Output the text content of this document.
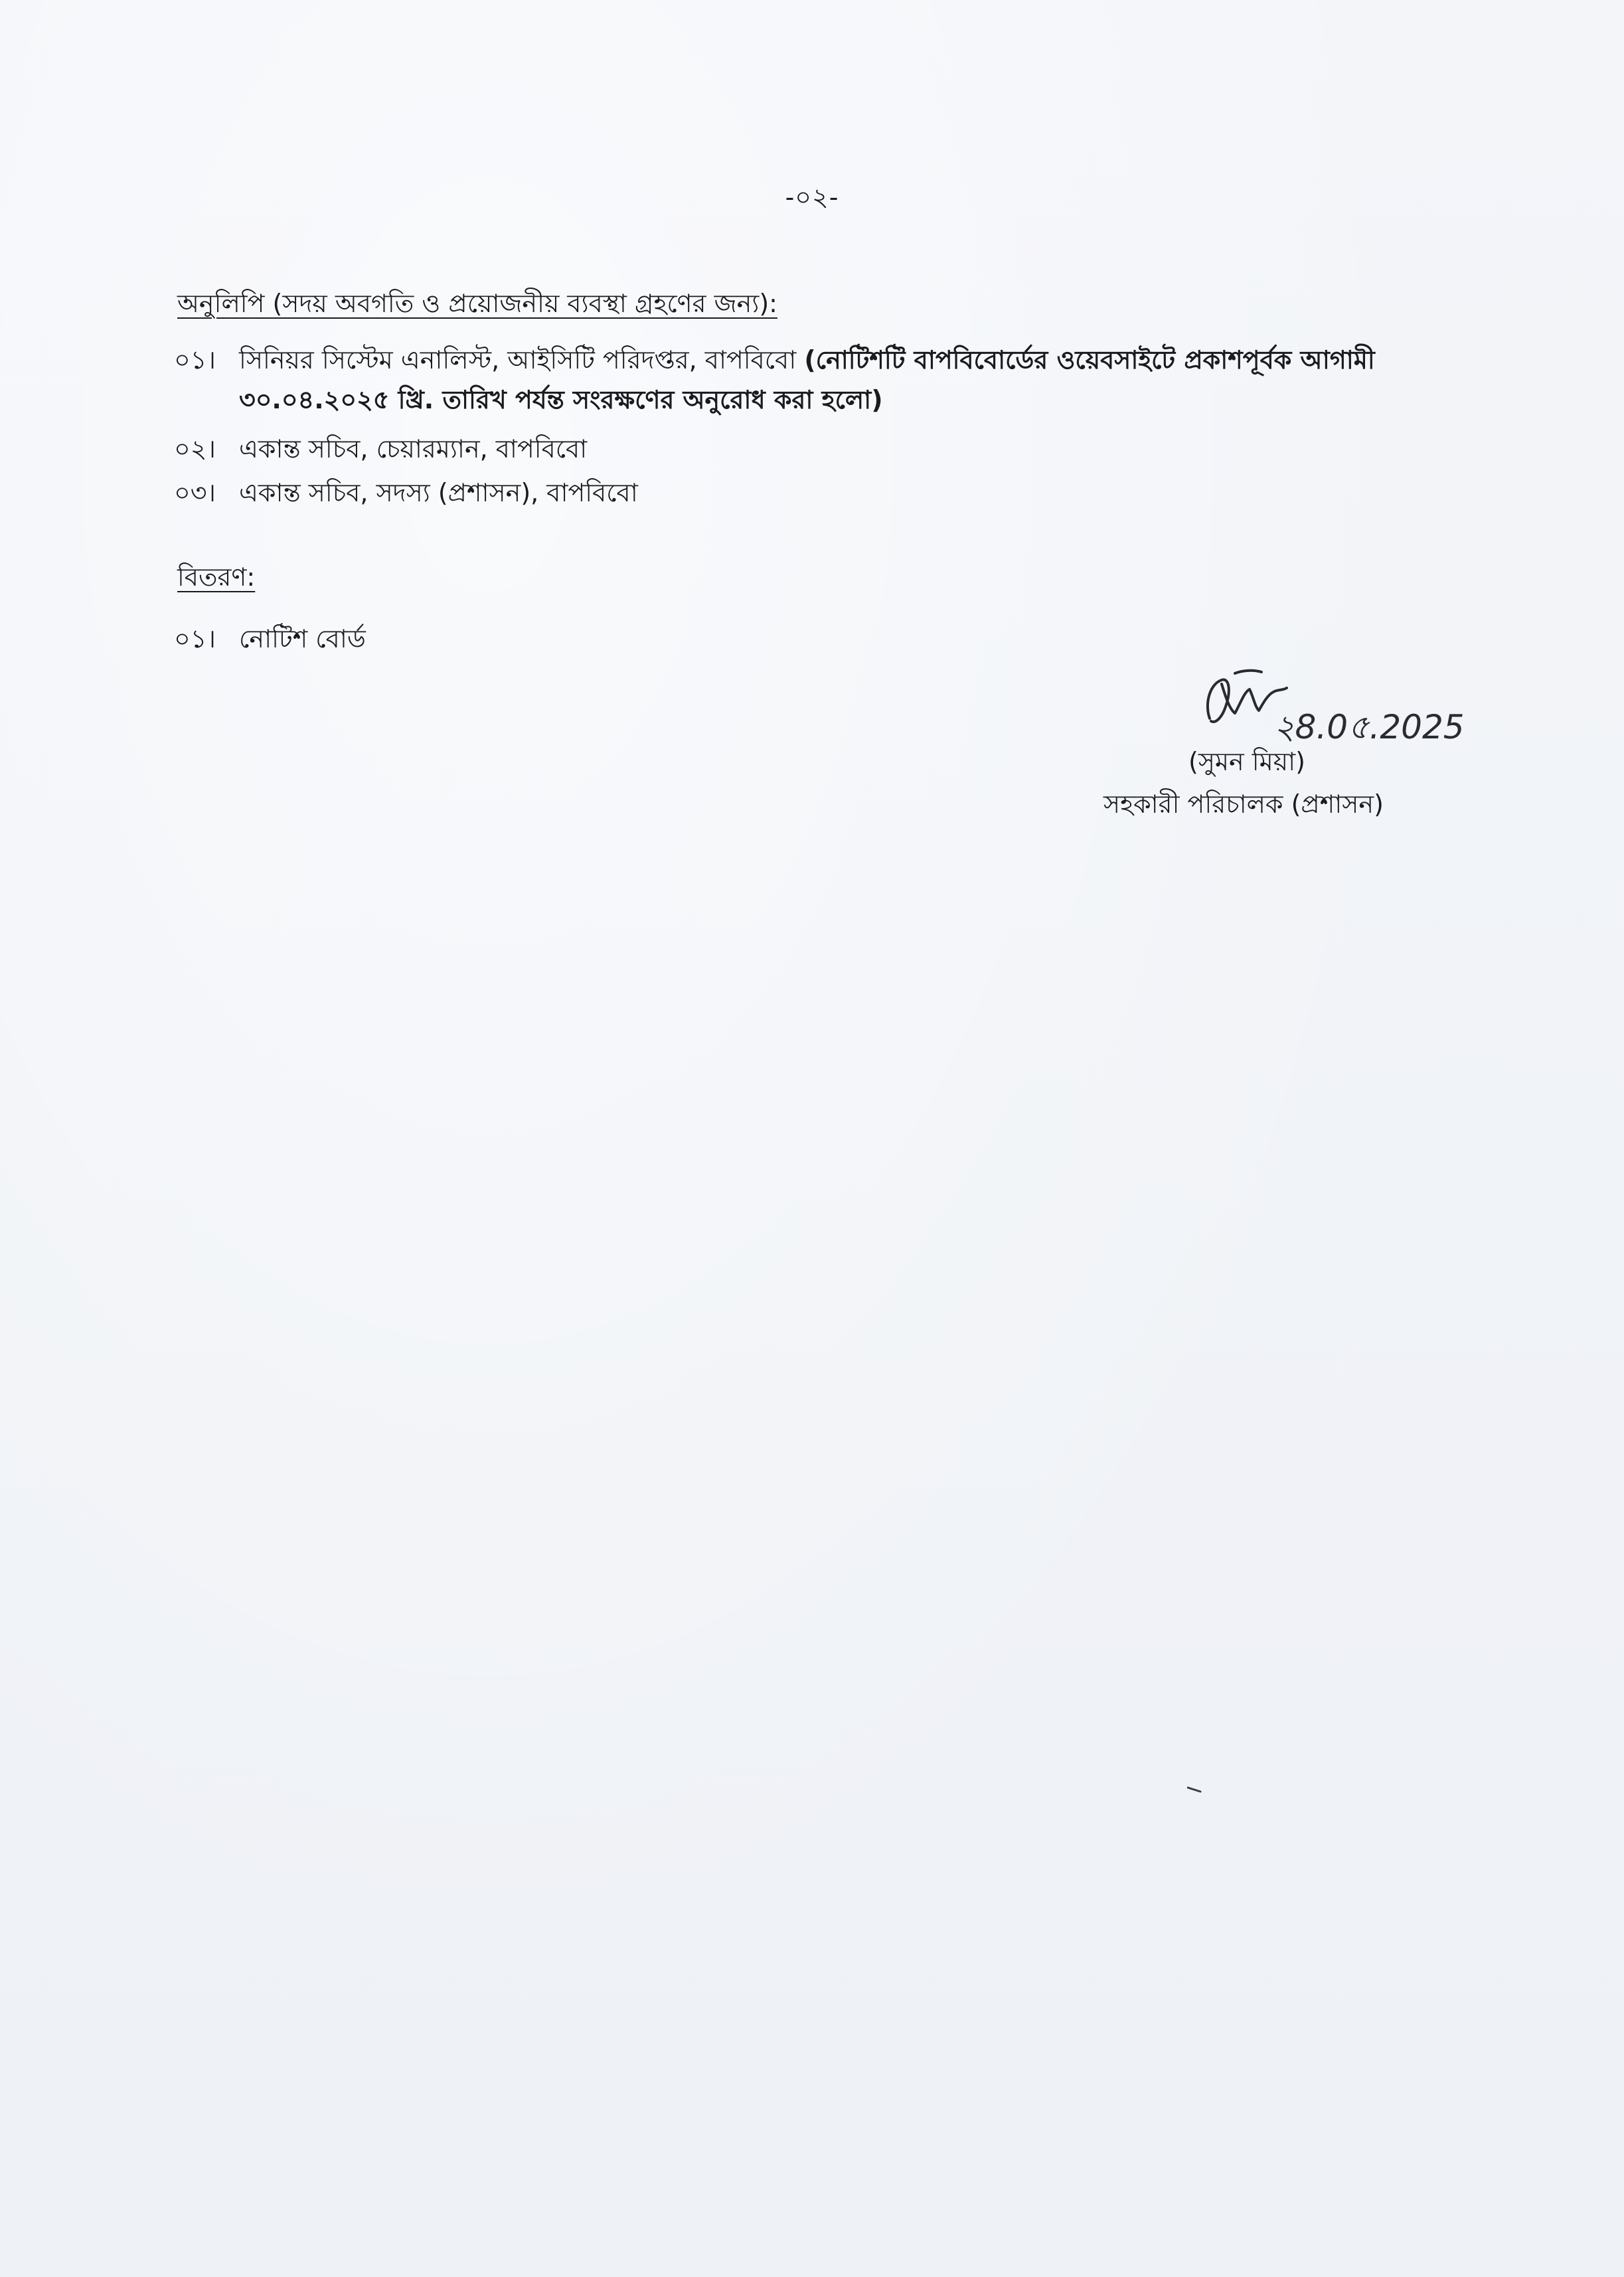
-০২-
অনুলিপি (সদয় অবগতি ও প্রয়োজনীয় ব্যবস্থা গ্রহণের জন্য):
০১। সিনিয়র সিস্টেম এনালিস্ট, আইসিটি পরিদপ্তর, বাপবিবো (নোটিশটি বাপবিবোর্ডের ওয়েবসাইটে প্রকাশপূর্বক আগামী ৩০.০৪.২০২৫ খ্রি. তারিখ পর্যন্ত সংরক্ষণের অনুরোধ করা হলো)
০২। একান্ত সচিব, চেয়ারম্যান, বাপবিবো
০৩। একান্ত সচিব, সদস্য (প্রশাসন), বাপবিবো
বিতরণ:
০১। নোটিশ বোর্ড
২8.0৫.2025
(সুমন মিয়া)
সহকারী পরিচালক (প্রশাসন)
